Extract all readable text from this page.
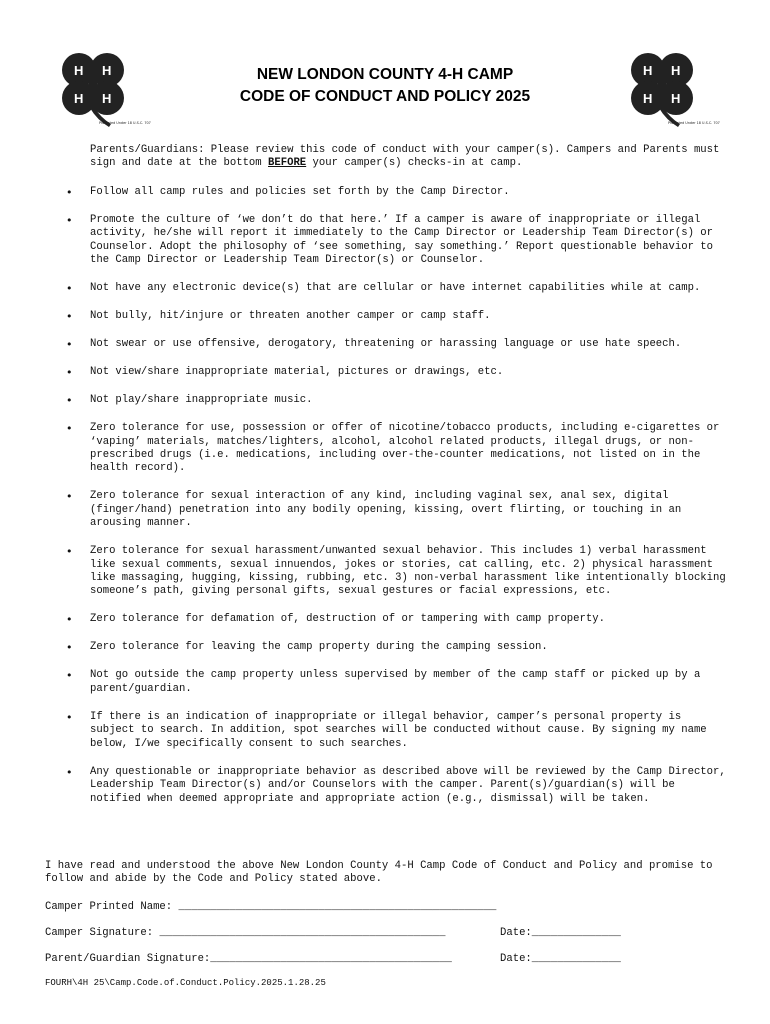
H H
H H
Protected Under 18 U.S.C. 707
H H
H H
Protected Under 18 U.S.C. 707
NEW LONDON COUNTY 4-H CAMP
CODE OF CONDUCT AND POLICY 2025
Parents/Guardians: Please review this code of conduct with your camper(s). Campers and Parents must sign and date at the bottom BEFORE your camper(s) checks-in at camp.
• Follow all camp rules and policies set forth by the Camp Director.
• Promote the culture of ‘we don’t do that here.’ If a camper is aware of inappropriate or illegal activity, he/she will report it immediately to the Camp Director or Leadership Team Director(s) or Counselor. Adopt the philosophy of ‘see something, say something.’ Report questionable behavior to the Camp Director or Leadership Team Director(s) or Counselor.
• Not have any electronic device(s) that are cellular or have internet capabilities while at camp.
• Not bully, hit/injure or threaten another camper or camp staff.
• Not swear or use offensive, derogatory, threatening or harassing language or use hate speech.
• Not view/share inappropriate material, pictures or drawings, etc.
• Not play/share inappropriate music.
• Zero tolerance for use, possession or offer of nicotine/tobacco products, including e-cigarettes or ‘vaping’ materials, matches/lighters, alcohol, alcohol related products, illegal drugs, or non-prescribed drugs (i.e. medications, including over-the-counter medications, not listed on in the health record).
• Zero tolerance for sexual interaction of any kind, including vaginal sex, anal sex, digital (finger/hand) penetration into any bodily opening, kissing, overt flirting, or touching in an arousing manner.
• Zero tolerance for sexual harassment/unwanted sexual behavior. This includes 1) verbal harassment like sexual comments, sexual innuendos, jokes or stories, cat calling, etc. 2) physical harassment like massaging, hugging, kissing, rubbing, etc. 3) non-verbal harassment like intentionally blocking someone’s path, giving personal gifts, sexual gestures or facial expressions, etc.
• Zero tolerance for defamation of, destruction of or tampering with camp property.
• Zero tolerance for leaving the camp property during the camping session.
• Not go outside the camp property unless supervised by member of the camp staff or picked up by a parent/guardian.
• If there is an indication of inappropriate or illegal behavior, camper’s personal property is subject to search. In addition, spot searches will be conducted without cause. By signing my name below, I/we specifically consent to such searches.
• Any questionable or inappropriate behavior as described above will be reviewed by the Camp Director, Leadership Team Director(s) and/or Counselors with the camper. Parent(s)/guardian(s) will be notified when deemed appropriate and appropriate action (e.g., dismissal) will be taken.
I have read and understood the above New London County 4-H Camp Code of Conduct and Policy and promise to follow and abide by the Code and Policy stated above.
Camper Printed Name: __________________________________________________
Camper Signature: _____________________________________________	Date:______________
Parent/Guardian Signature:______________________________________	Date:______________
FOURH\4H 25\Camp.Code.of.Conduct.Policy.2025.1.28.25
